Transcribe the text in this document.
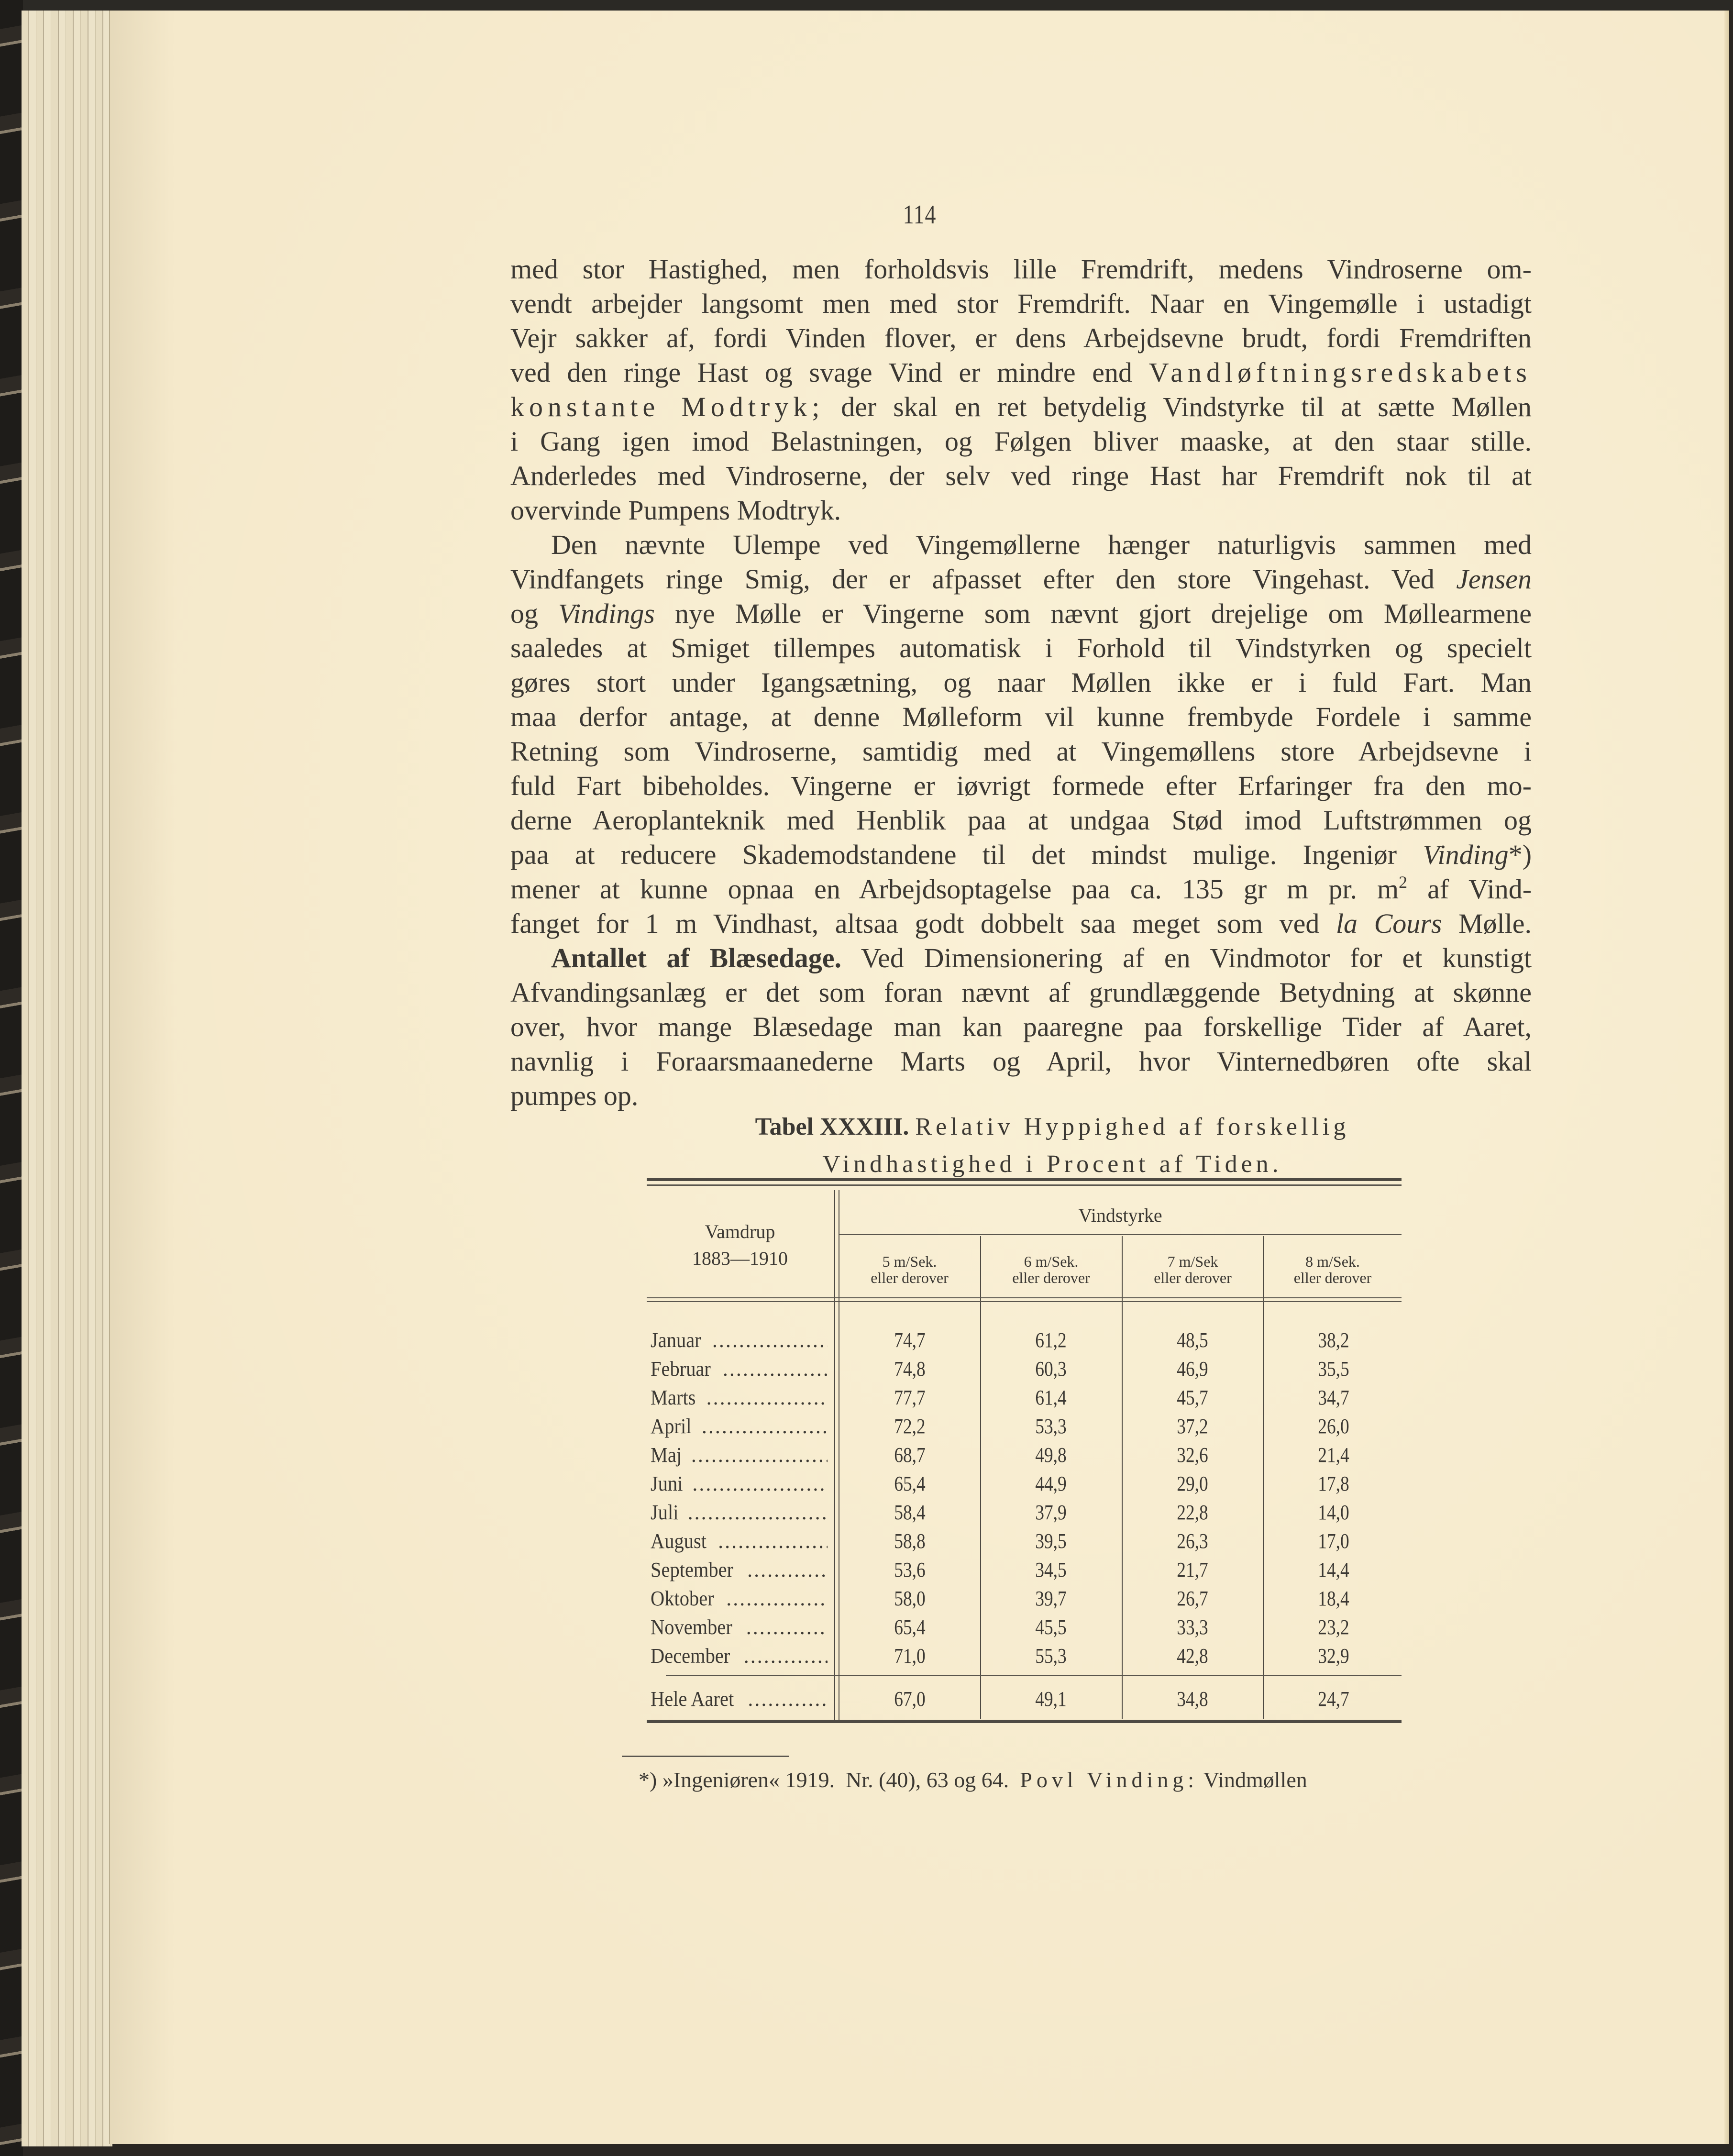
114
med stor Hastighed, men forholdsvis lille Fremdrift, medens Vindroserne om-
vendt arbejder langsomt men med stor Fremdrift. Naar en Vingemølle i ustadigt
Vejr sakker af, fordi Vinden flover, er dens Arbejdsevne brudt, fordi Fremdriften
ved den ringe Hast og svage Vind er mindre end Vandløftningsredskabets
konstante Modtryk; der skal en ret betydelig Vindstyrke til at sætte Møllen
i Gang igen imod Belastningen, og Følgen bliver maaske, at den staar stille.
Anderledes med Vindroserne, der selv ved ringe Hast har Fremdrift nok til at
overvinde Pumpens Modtryk.
Den nævnte Ulempe ved Vingemøllerne hænger naturligvis sammen med
Vindfangets ringe Smig, der er afpasset efter den store Vingehast. Ved Jensen
og Vindings nye Mølle er Vingerne som nævnt gjort drejelige om Møllearmene
saaledes at Smiget tillempes automatisk i Forhold til Vindstyrken og specielt
gøres stort under Igangsætning, og naar Møllen ikke er i fuld Fart. Man
maa derfor antage, at denne Mølleform vil kunne frembyde Fordele i samme
Retning som Vindroserne, samtidig med at Vingemøllens store Arbejdsevne i
fuld Fart bibeholdes. Vingerne er iøvrigt formede efter Erfaringer fra den mo-
derne Aeroplanteknik med Henblik paa at undgaa Stød imod Luftstrømmen og
paa at reducere Skademodstandene til det mindst mulige. Ingeniør Vinding*)
mener at kunne opnaa en Arbejdsoptagelse paa ca. 135 gr m pr. $m^2$ af Vind-
fanget for 1 m Vindhast, altsaa godt dobbelt saa meget som ved la Cours Mølle.
Antallet af Blæsedage. Ved Dimensionering af en Vindmotor for et kunstigt
Afvandingsanlæg er det som foran nævnt af grundlæggende Betydning at skønne
over, hvor mange Blæsedage man kan paaregne paa forskellige Tider af Aaret,
navnlig i Foraarsmaanederne Marts og April, hvor Vinternedbøren ofte skal
pumpes op.
Tabel XXXIII. Relativ Hyppighed af forskellig
Vindhastighed i Procent af Tiden.
Vamdrup
1883—1910
Vindstyrke
5 m/Sek.
eller derover
6 m/Sek.
eller derover
7 m/Sek
eller derover
8 m/Sek.
eller derover
Januar .....	74,7	61,2	48,5	38,2
Februar .....	74,8	60,3	46,9	35,5
Marts .....	77,7	61,4	45,7	34,7
April .....	72,2	53,3	37,2	26,0
Maj .....	68,7	49,8	32,6	21,4
Juni .....	65,4	44,9	29,0	17,8
Juli .....	58,4	37,9	22,8	14,0
August .....	58,8	39,5	26,3	17,0
September .....	53,6	34,5	21,7	14,4
Oktober .....	58,0	39,7	26,7	18,4
November .....	65,4	45,5	33,3	23,2
December .....	71,0	55,3	42,8	32,9
Hele Aaret .....	67,0	49,1	34,8	24,7
*) »Ingeniøren« 1919. Nr. (40), 63 og 64. Povl Vinding: Vindmøllen
